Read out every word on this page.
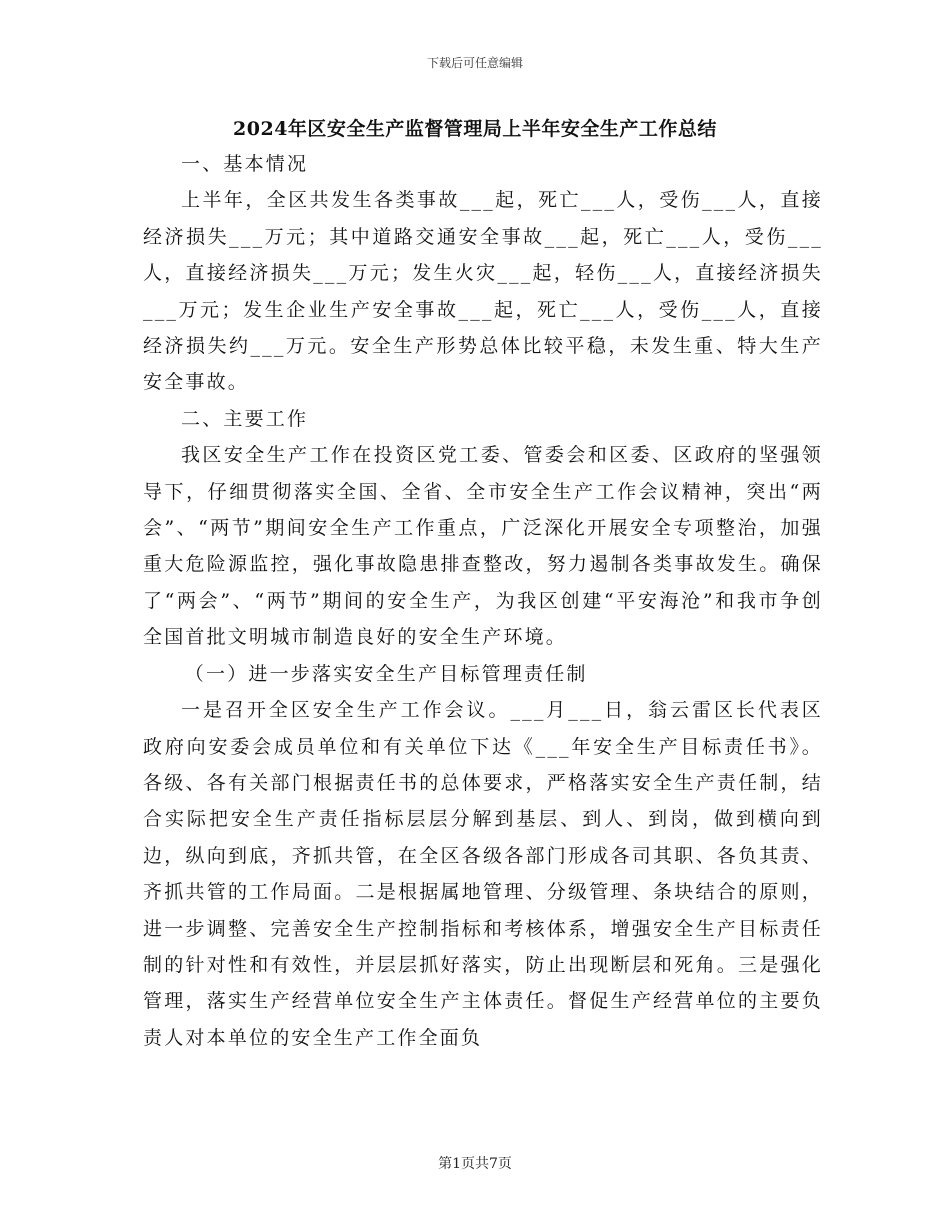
下载后可任意编辑
2024年区安全生产监督管理局上半年安全生产工作总结

一、基本情况

上半年，全区共发生各类事故___起，死亡___人，受伤___人，直接经济损失___万元；其中道路交通安全事故___起，死亡___人，受伤___人，直接经济损失___万元；发生火灾___起，轻伤___人，直接经济损失___万元；发生企业生产安全事故___起，死亡___人，受伤___人，直接经济损失约___万元。安全生产形势总体比较平稳，未发生重、特大生产安全事故。

二、主要工作

我区安全生产工作在投资区党工委、管委会和区委、区政府的坚强领导下，仔细贯彻落实全国、全省、全市安全生产工作会议精神，突出“两会”、“两节”期间安全生产工作重点，广泛深化开展安全专项整治，加强重大危险源监控，强化事故隐患排查整改，努力遏制各类事故发生。确保了“两会”、“两节”期间的安全生产，为我区创建“平安海沧”和我市争创全国首批文明城市制造良好的安全生产环境。

（一）进一步落实安全生产目标管理责任制

一是召开全区安全生产工作会议。___月___日，翁云雷区长代表区政府向安委会成员单位和有关单位下达《___年安全生产目标责任书》。各级、各有关部门根据责任书的总体要求，严格落实安全生产责任制，结合实际把安全生产责任指标层层分解到基层、到人、到岗，做到横向到边，纵向到底，齐抓共管，在全区各级各部门形成各司其职、各负其责、齐抓共管的工作局面。二是根据属地管理、分级管理、条块结合的原则，进一步调整、完善安全生产控制指标和考核体系，增强安全生产目标责任制的针对性和有效性，并层层抓好落实，防止出现断层和死角。三是强化管理，落实生产经营单位安全生产主体责任。督促生产经营单位的主要负责人对本单位的安全生产工作全面负

第1页共7页
